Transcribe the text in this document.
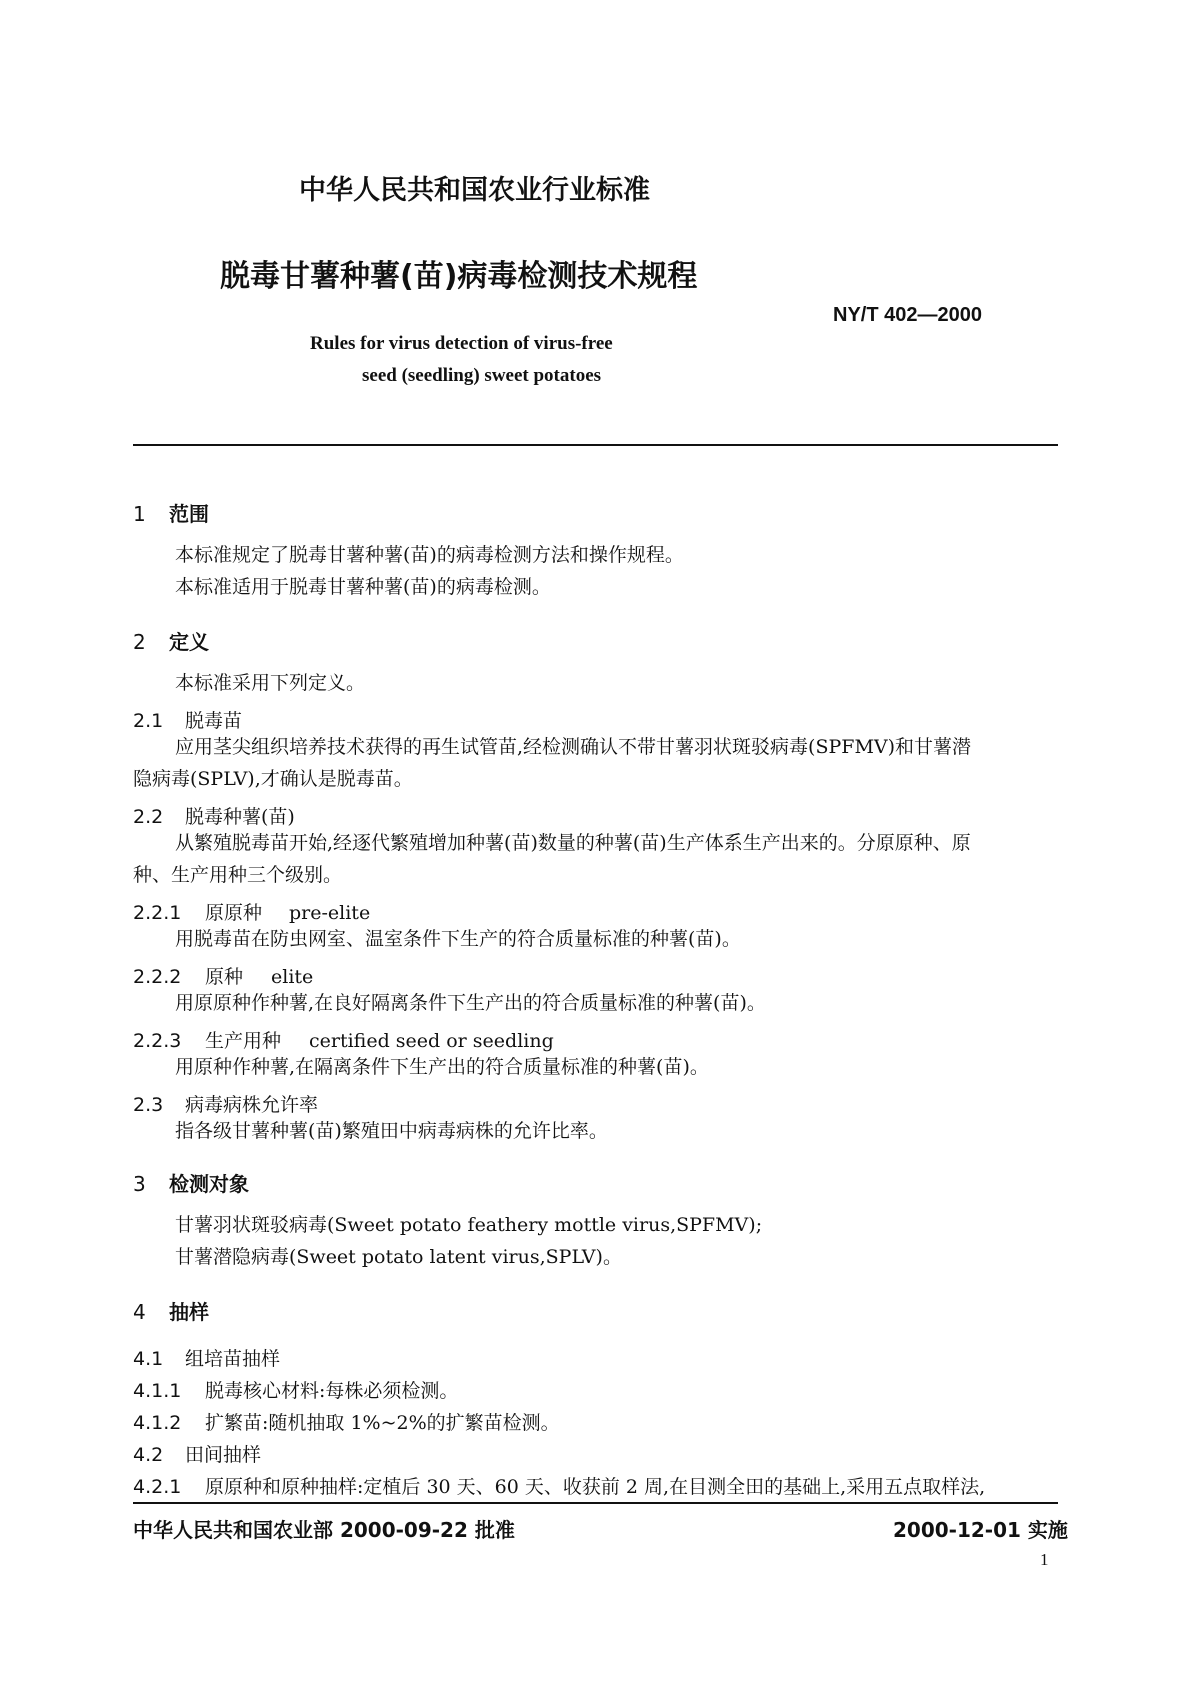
中华人民共和国农业行业标准
脱毒甘薯种薯(苗)病毒检测技术规程
NY/T 402—2000
Rules for virus detection of virus-free
seed (seedling) sweet potatoes
1 范围
本标准规定了脱毒甘薯种薯(苗)的病毒检测方法和操作规程。
本标准适用于脱毒甘薯种薯(苗)的病毒检测。
2 定义
本标准采用下列定义。
2.1 脱毒苗
应用茎尖组织培养技术获得的再生试管苗,经检测确认不带甘薯羽状斑驳病毒(SPFMV)和甘薯潜
隐病毒(SPLV),才确认是脱毒苗。
2.2 脱毒种薯(苗)
从繁殖脱毒苗开始,经逐代繁殖增加种薯(苗)数量的种薯(苗)生产体系生产出来的。分原原种、原
种、生产用种三个级别。
2.2.1 原原种 pre-elite
用脱毒苗在防虫网室、温室条件下生产的符合质量标准的种薯(苗)。
2.2.2 原种 elite
用原原种作种薯,在良好隔离条件下生产出的符合质量标准的种薯(苗)。
2.2.3 生产用种 certified seed or seedling
用原种作种薯,在隔离条件下生产出的符合质量标准的种薯(苗)。
2.3 病毒病株允许率
指各级甘薯种薯(苗)繁殖田中病毒病株的允许比率。
3 检测对象
甘薯羽状斑驳病毒(Sweet potato feathery mottle virus,SPFMV);
甘薯潜隐病毒(Sweet potato latent virus,SPLV)。
4 抽样
4.1 组培苗抽样
4.1.1 脱毒核心材料:每株必须检测。
4.1.2 扩繁苗:随机抽取 1%~2%的扩繁苗检测。
4.2 田间抽样
4.2.1 原原种和原种抽样:定植后 30 天、60 天、收获前 2 周,在目测全田的基础上,采用五点取样法,
中华人民共和国农业部 2000-09-22 批准	2000-12-01 实施
1
